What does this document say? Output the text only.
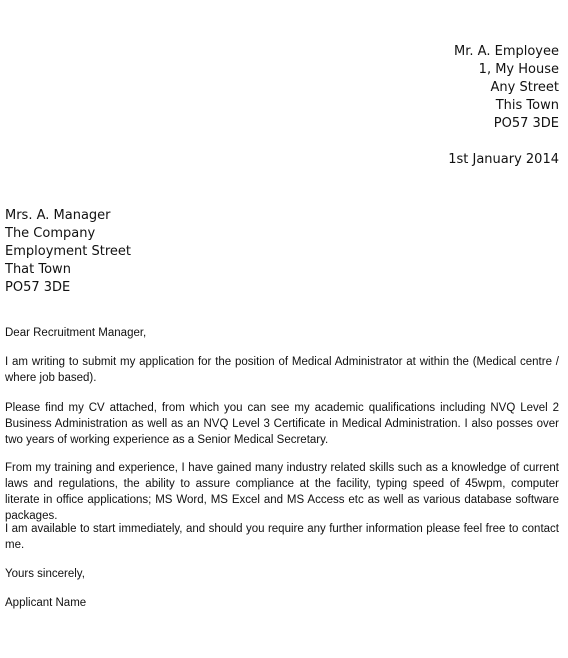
Mr. A. Employee
1, My House
Any Street
This Town
PO57 3DE
1st January 2014
Mrs. A. Manager
The Company
Employment Street
That Town
PO57 3DE
Dear Recruitment Manager,
I am writing to submit my application for the position of Medical Administrator at within the (Medical centre / where job based).
Please find my CV attached, from which you can see my academic qualifications including NVQ Level 2 Business Administration as well as an NVQ Level 3 Certificate in Medical Administration. I also posses over two years of working experience as a Senior Medical Secretary.
From my training and experience, I have gained many industry related skills such as a knowledge of current laws and regulations, the ability to assure compliance at the facility, typing speed of 45wpm, computer literate in office applications; MS Word, MS Excel and MS Access etc as well as various database software packages.
I am available to start immediately, and should you require any further information please feel free to contact me.
Yours sincerely,
Applicant Name
